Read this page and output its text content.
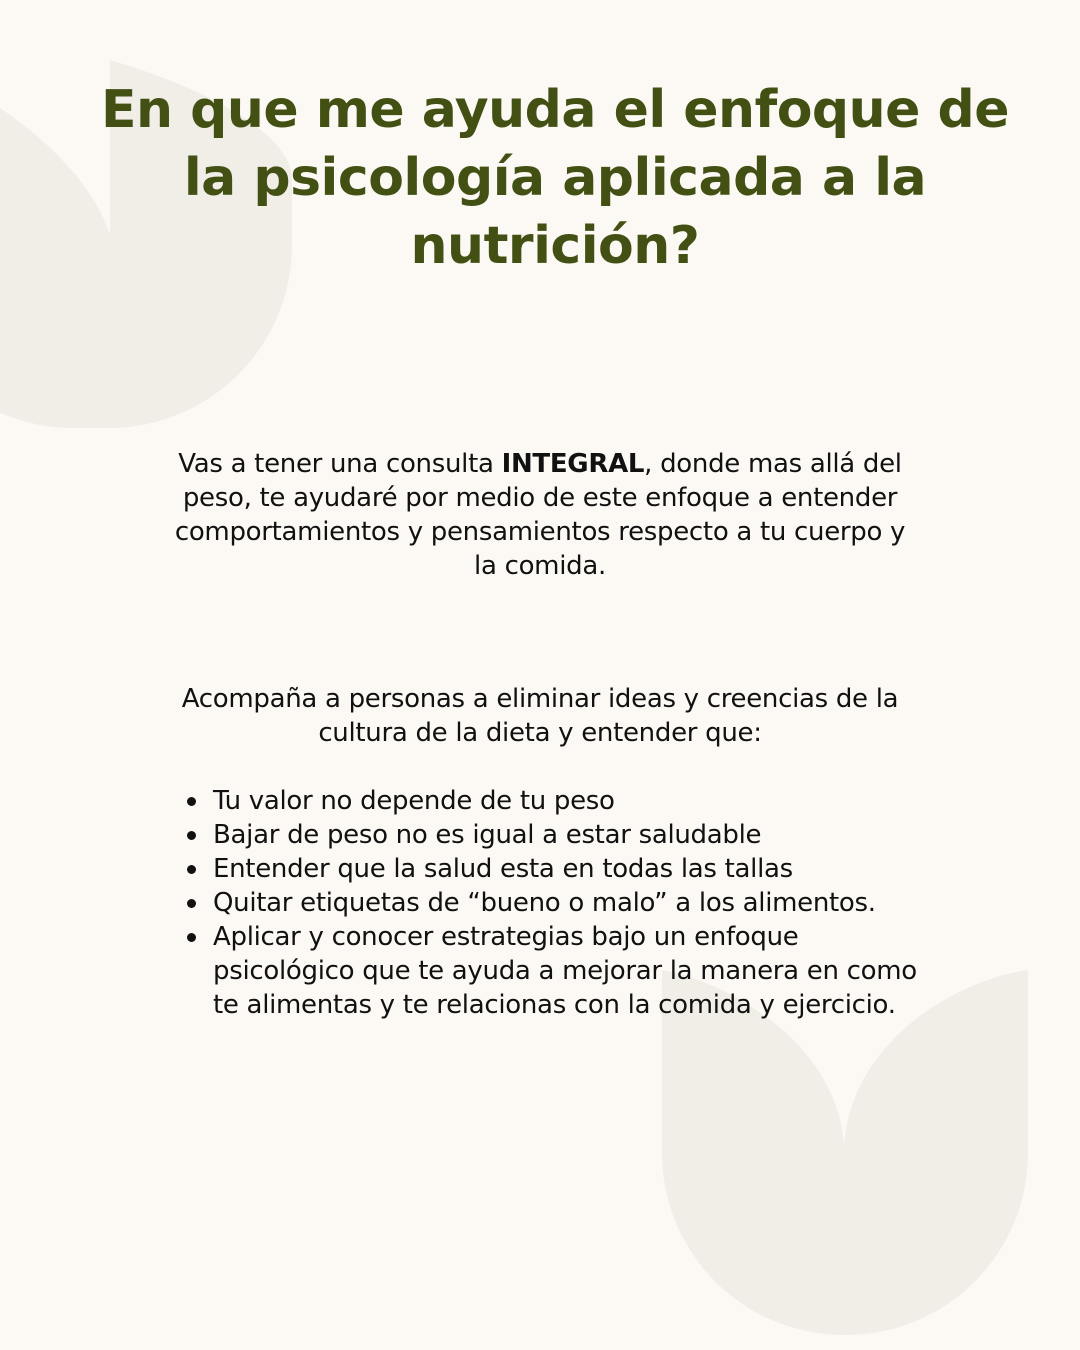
En que me ayuda el enfoque de la psicología aplicada a la nutrición?

Vas a tener una consulta INTEGRAL, donde mas allá del peso, te ayudaré por medio de este enfoque a entender comportamientos y pensamientos respecto a tu cuerpo y la comida.

Acompaña a personas a eliminar ideas y creencias de la cultura de la dieta y entender que:

Tu valor no depende de tu peso
Bajar de peso no es igual a estar saludable
Entender que la salud esta en todas las tallas
Quitar etiquetas de “bueno o malo” a los alimentos.
Aplicar y conocer estrategias bajo un enfoque psicológico que te ayuda a mejorar la manera en como te alimentas y te relacionas con la comida y ejercicio.
